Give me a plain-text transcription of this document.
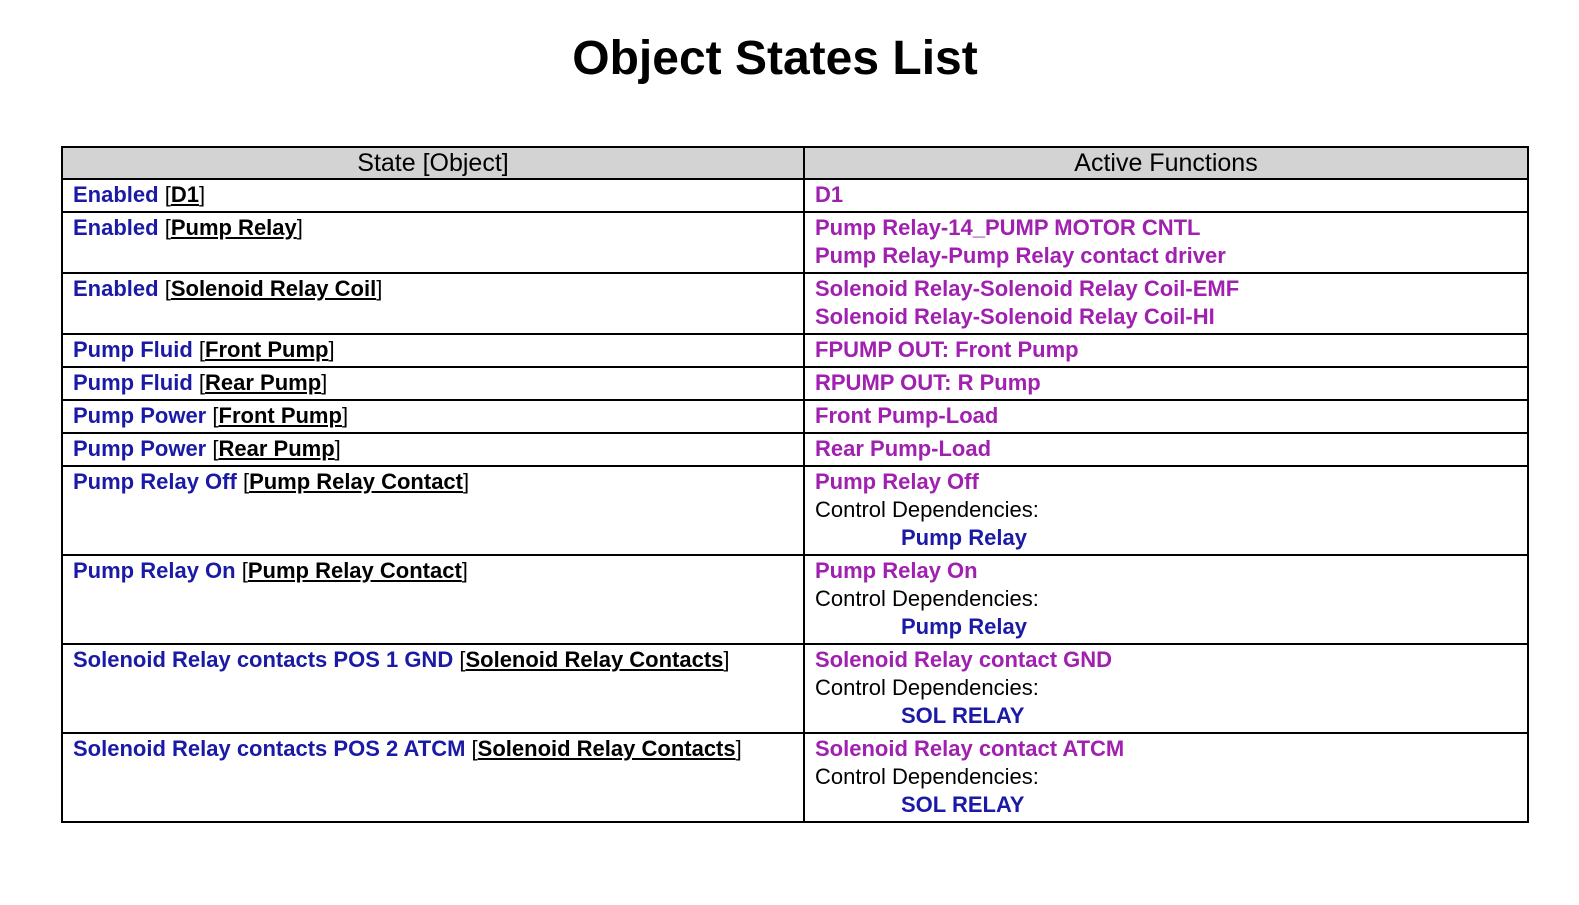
Object States List
State [Object]	Active Functions
Enabled [D1]	D1

Enabled [Pump Relay]	Pump Relay-14_PUMP MOTOR CNTL
Pump Relay-Pump Relay contact driver

Enabled [Solenoid Relay Coil]	Solenoid Relay-Solenoid Relay Coil-EMF
Solenoid Relay-Solenoid Relay Coil-HI

Pump Fluid [Front Pump]	FPUMP OUT: Front Pump

Pump Fluid [Rear Pump]	RPUMP OUT: R Pump

Pump Power [Front Pump]	Front Pump-Load

Pump Power [Rear Pump]	Rear Pump-Load

Pump Relay Off [Pump Relay Contact]	Pump Relay Off
Control Dependencies:
Pump Relay

Pump Relay On [Pump Relay Contact]	Pump Relay On
Control Dependencies:
Pump Relay

Solenoid Relay contacts POS 1 GND [Solenoid Relay Contacts]	Solenoid Relay contact GND
Control Dependencies:
SOL RELAY

Solenoid Relay contacts POS 2 ATCM [Solenoid Relay Contacts]	Solenoid Relay contact ATCM
Control Dependencies:
SOL RELAY
